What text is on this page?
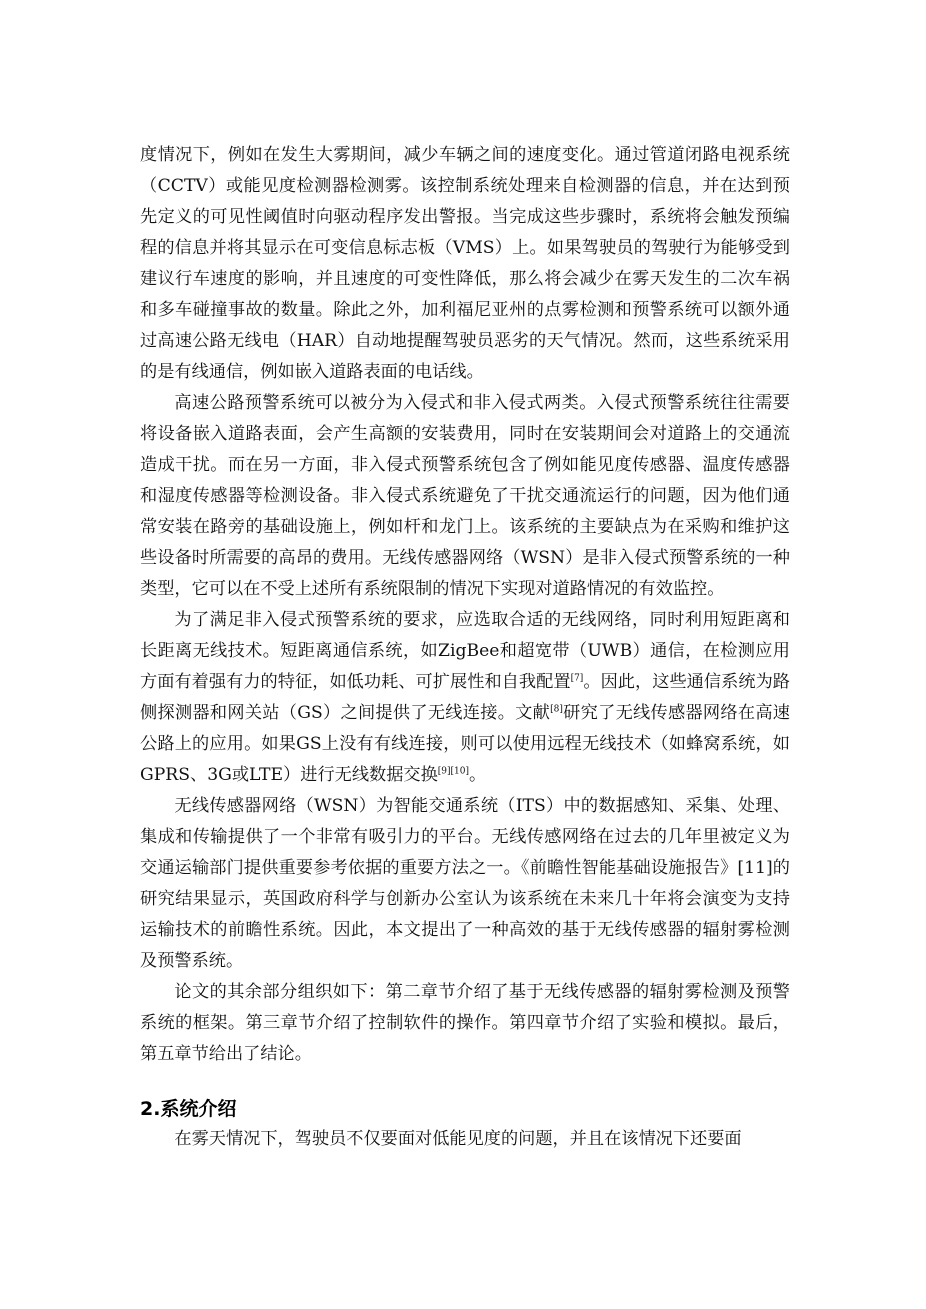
度情况下，例如在发生大雾期间，减少车辆之间的速度变化。通过管道闭路电视系统（CCTV）或能见度检测器检测雾。该控制系统处理来自检测器的信息，并在达到预先定义的可见性阈值时向驱动程序发出警报。当完成这些步骤时，系统将会触发预编程的信息并将其显示在可变信息标志板（VMS）上。如果驾驶员的驾驶行为能够受到建议行车速度的影响，并且速度的可变性降低，那么将会减少在雾天发生的二次车祸和多车碰撞事故的数量。除此之外，加利福尼亚州的点雾检测和预警系统可以额外通过高速公路无线电（HAR）自动地提醒驾驶员恶劣的天气情况。然而，这些系统采用的是有线通信，例如嵌入道路表面的电话线。

高速公路预警系统可以被分为入侵式和非入侵式两类。入侵式预警系统往往需要将设备嵌入道路表面，会产生高额的安装费用，同时在安装期间会对道路上的交通流造成干扰。而在另一方面，非入侵式预警系统包含了例如能见度传感器、温度传感器和湿度传感器等检测设备。非入侵式系统避免了干扰交通流运行的问题，因为他们通常安装在路旁的基础设施上，例如杆和龙门上。该系统的主要缺点为在采购和维护这些设备时所需要的高昂的费用。无线传感器网络（WSN）是非入侵式预警系统的一种类型，它可以在不受上述所有系统限制的情况下实现对道路情况的有效监控。

为了满足非入侵式预警系统的要求，应选取合适的无线网络，同时利用短距离和长距离无线技术。短距离通信系统，如ZigBee和超宽带（UWB）通信，在检测应用方面有着强有力的特征，如低功耗、可扩展性和自我配置[7]。因此，这些通信系统为路侧探测器和网关站（GS）之间提供了无线连接。文献[8]研究了无线传感器网络在高速公路上的应用。如果GS上没有有线连接，则可以使用远程无线技术（如蜂窝系统，如GPRS、3G或LTE）进行无线数据交换[9][10]。

无线传感器网络（WSN）为智能交通系统（ITS）中的数据感知、采集、处理、集成和传输提供了一个非常有吸引力的平台。无线传感网络在过去的几年里被定义为交通运输部门提供重要参考依据的重要方法之一。《前瞻性智能基础设施报告》[11]的研究结果显示，英国政府科学与创新办公室认为该系统在未来几十年将会演变为支持运输技术的前瞻性系统。因此，本文提出了一种高效的基于无线传感器的辐射雾检测及预警系统。

论文的其余部分组织如下：第二章节介绍了基于无线传感器的辐射雾检测及预警系统的框架。第三章节介绍了控制软件的操作。第四章节介绍了实验和模拟。最后，第五章节给出了结论。

2.系统介绍

在雾天情况下，驾驶员不仅要面对低能见度的问题，并且在该情况下还要面
